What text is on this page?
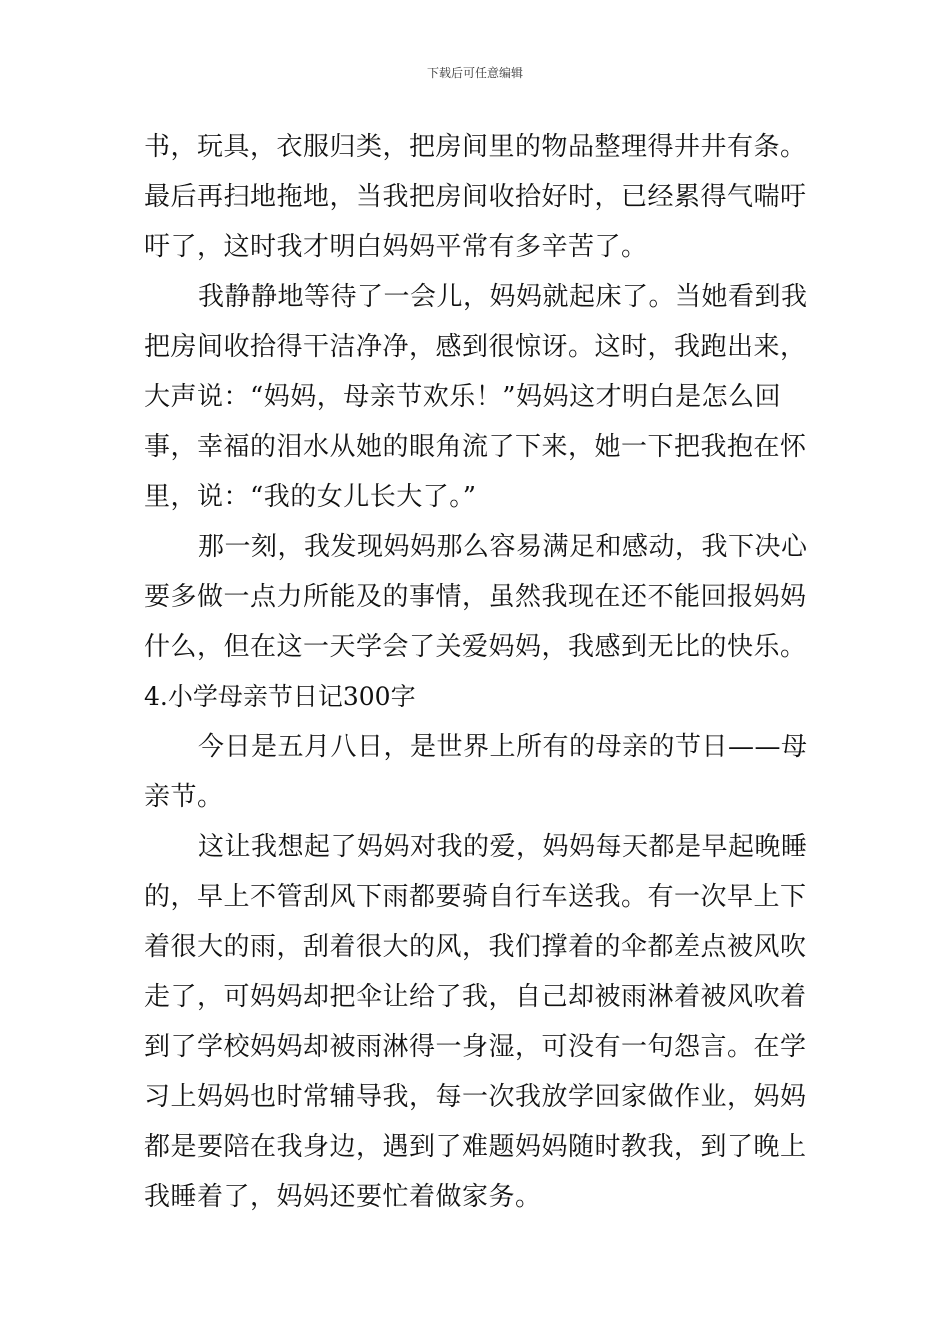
下载后可任意编辑
书，玩具，衣服归类，把房间里的物品整理得井井有条。
最后再扫地拖地，当我把房间收拾好时，已经累得气喘吁
吁了，这时我才明白妈妈平常有多辛苦了。
我静静地等待了一会儿，妈妈就起床了。当她看到我
把房间收拾得干洁净净，感到很惊讶。这时，我跑出来，
大声说：“妈妈，母亲节欢乐！”妈妈这才明白是怎么回
事，幸福的泪水从她的眼角流了下来，她一下把我抱在怀
里，说：“我的女儿长大了。”
那一刻，我发现妈妈那么容易满足和感动，我下决心
要多做一点力所能及的事情，虽然我现在还不能回报妈妈
什么，但在这一天学会了关爱妈妈，我感到无比的快乐。
4.小学母亲节日记300字
今日是五月八日，是世界上所有的母亲的节日——母
亲节。
这让我想起了妈妈对我的爱，妈妈每天都是早起晚睡
的，早上不管刮风下雨都要骑自行车送我。有一次早上下
着很大的雨，刮着很大的风，我们撑着的伞都差点被风吹
走了，可妈妈却把伞让给了我，自己却被雨淋着被风吹着
到了学校妈妈却被雨淋得一身湿，可没有一句怨言。在学
习上妈妈也时常辅导我，每一次我放学回家做作业，妈妈
都是要陪在我身边，遇到了难题妈妈随时教我，到了晚上
我睡着了，妈妈还要忙着做家务。
